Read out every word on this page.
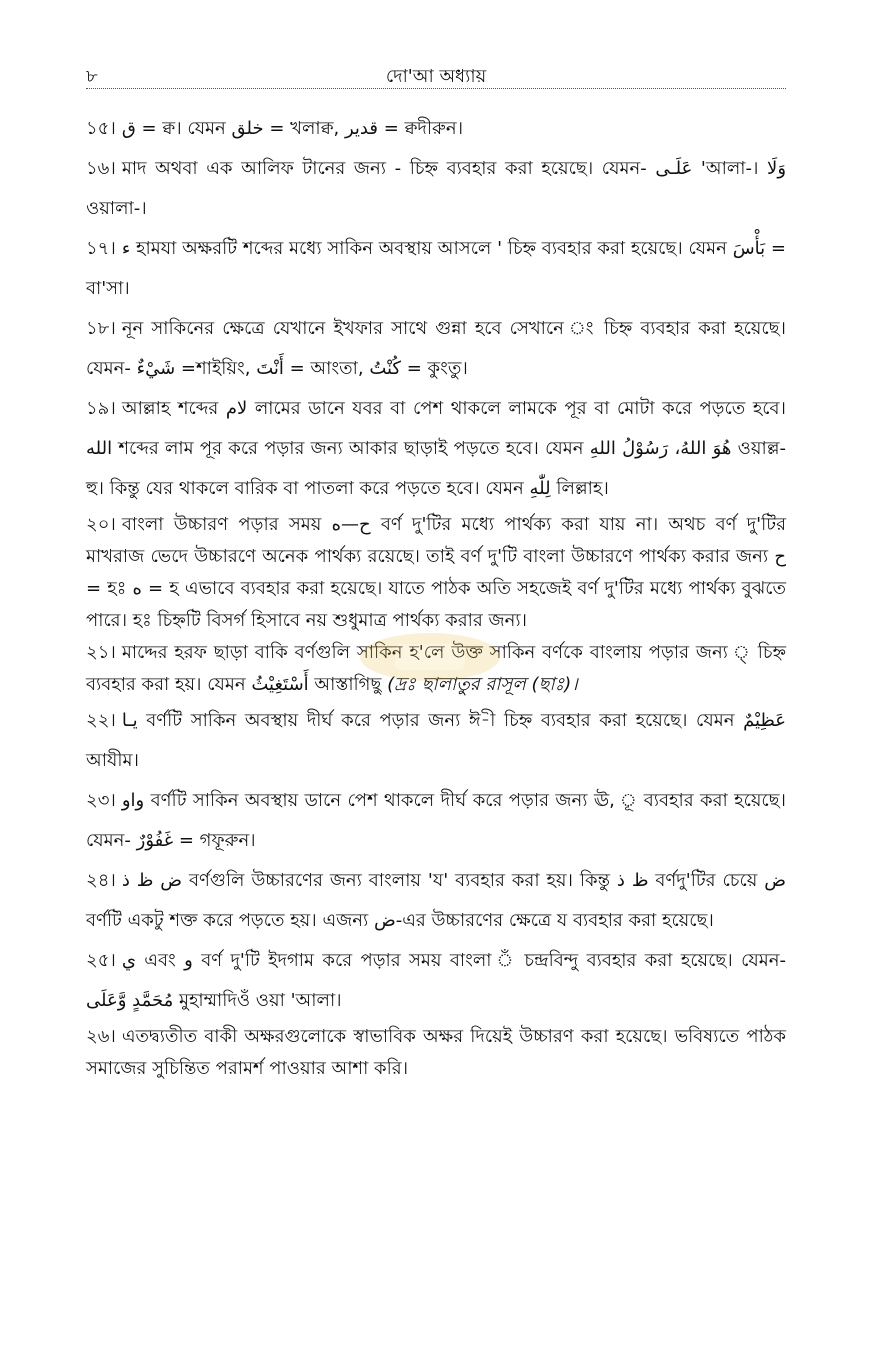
৮	দো'আ অধ্যায়

১৫। ق = ক্ব। যেমন خلق = খলাক্ব, قدير = ক্বদীরুন।

১৬। মাদ অথবা এক আলিফ টানের জন্য - চিহ্ন ব্যবহার করা হয়েছে। যেমন- عَلَـى 'আলা-। وَلَا ওয়ালা-।

১৭। ء হামযা অক্ষরটি শব্দের মধ্যে সাকিন অবস্থায় আসলে ' চিহ্ন ব্যবহার করা হয়েছে। যেমন بَأْسَ = বা'সা।

১৮। নূন সাকিনের ক্ষেত্রে যেখানে ইখফার সাথে গুন্না হবে সেখানে ং চিহ্ন ব্যবহার করা হয়েছে। যেমন- شَيْءٌ =শাইয়িং, أَنْتَ = আংতা, كُنْتُ = কুংতু।

১৯। আল্লাহ শব্দের لام লামের ডানে যবর বা পেশ থাকলে লামকে পূর বা মোটা করে পড়তে হবে। الله শব্দের লাম পূর করে পড়ার জন্য আকার ছাড়াই পড়তে হবে। যেমন هُوَ اللهُ، رَسُوْلُ اللهِ ওয়াল্ল-হু। কিন্তু যের থাকলে বারিক বা পাতলা করে পড়তে হবে। যেমন لِلّٰهِ লিল্লাহ।

২০। বাংলা উচ্চারণ পড়ার সময় ح—ه বর্ণ দু'টির মধ্যে পার্থক্য করা যায় না। অথচ বর্ণ দু'টির মাখরাজ ভেদে উচ্চারণে অনেক পার্থক্য রয়েছে। তাই বর্ণ দু'টি বাংলা উচ্চারণে পার্থক্য করার জন্য ح = হঃ ه = হ এভাবে ব্যবহার করা হয়েছে। যাতে পাঠক অতি সহজেই বর্ণ দু'টির মধ্যে পার্থক্য বুঝতে পারে। হঃ চিহ্নটি বিসর্গ হিসাবে নয় শুধুমাত্র পার্থক্য করার জন্য।

২১। মাদ্দের হরফ ছাড়া বাকি বর্ণগুলি সাকিন হ'লে উক্ত সাকিন বর্ণকে বাংলায় পড়ার জন্য ্ চিহ্ন ব্যবহার করা হয়। যেমন أَسْتَغِيْثُ আস্তাগিছু (দ্রঃ ছালাতুর রাসূল (ছাঃ)।

২২। يـا বর্ণটি সাকিন অবস্থায় দীর্ঘ করে পড়ার জন্য ঈ-ী চিহ্ন ব্যবহার করা হয়েছে। যেমন عَظِيْمٌ আযীম।

২৩। واو বর্ণটি সাকিন অবস্থায় ডানে পেশ থাকলে দীর্ঘ করে পড়ার জন্য ঊ, ূ ব্যবহার করা হয়েছে। যেমন- غَفُوْرٌ = গফূরুন।

২৪। ض ظ ذ বর্ণগুলি উচ্চারণের জন্য বাংলায় 'য' ব্যবহার করা হয়। কিন্তু ظ ذ বর্ণদু'টির চেয়ে ض বর্ণটি একটু শক্ত করে পড়তে হয়। এজন্য ض-এর উচ্চারণের ক্ষেত্রে য ব্যবহার করা হয়েছে।

২৫। ي এবং و বর্ণ দু'টি ইদগাম করে পড়ার সময় বাংলা ঁ চন্দ্রবিন্দু ব্যবহার করা হয়েছে। যেমন- مُحَمَّدٍ وَّعَلَى মুহাম্মাদিওঁ ওয়া 'আলা।

২৬। এতদ্ব্যতীত বাকী অক্ষরগুলোকে স্বাভাবিক অক্ষর দিয়েই উচ্চারণ করা হয়েছে। ভবিষ্যতে পাঠক সমাজের সুচিন্তিত পরামর্শ পাওয়ার আশা করি।
